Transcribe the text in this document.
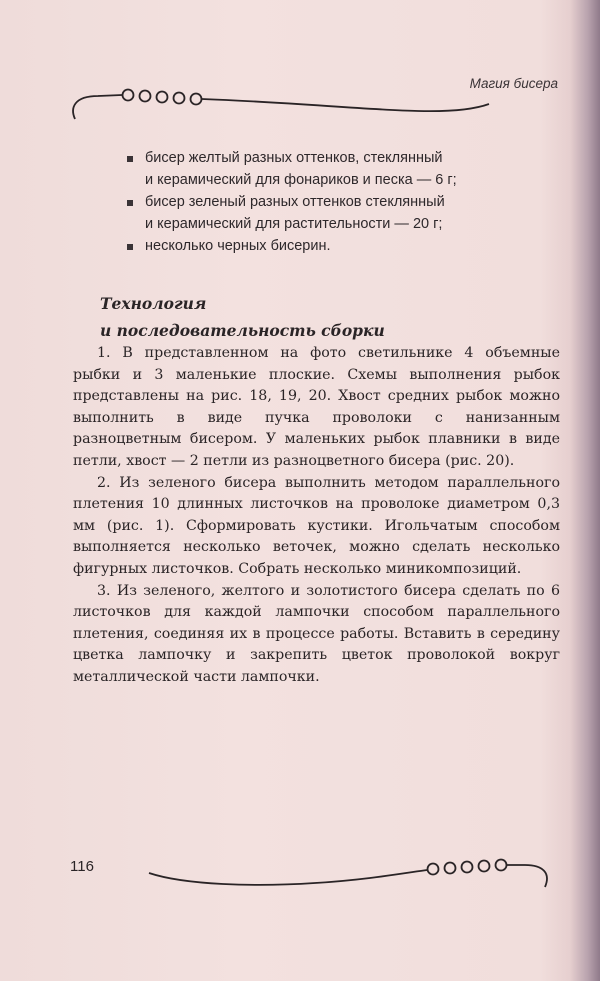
Магия бисера
бисер желтый разных оттенков, стеклянный
и керамический для фонариков и песка — 6 г;
бисер зеленый разных оттенков стеклянный
и керамический для растительности — 20 г;
несколько черных бисерин.
Технология
и последовательность сборки

1. В представленном на фото светильнике 4 объемные рыбки и 3 маленькие плоские. Схемы выполнения рыбок представлены на рис. 18, 19, 20. Хвост средних рыбок можно выполнить в виде пучка проволоки с нанизанным разноцветным бисером. У маленьких рыбок плавники в виде петли, хвост — 2 петли из разноцветного бисера (рис. 20).

2. Из зеленого бисера выполнить методом параллельного плетения 10 длинных листочков на проволоке диаметром 0,3 мм (рис. 1). Сформировать кустики. Игольчатым способом выполняется несколько веточек, можно сделать несколько фигурных листочков. Собрать несколько миникомпозиций.

3. Из зеленого, желтого и золотистого бисера сделать по 6 листочков для каждой лампочки способом параллельного плетения, соединяя их в процессе работы. Вставить в середину цветка лампочку и закрепить цветок проволокой вокруг металлической части лампочки.

116
